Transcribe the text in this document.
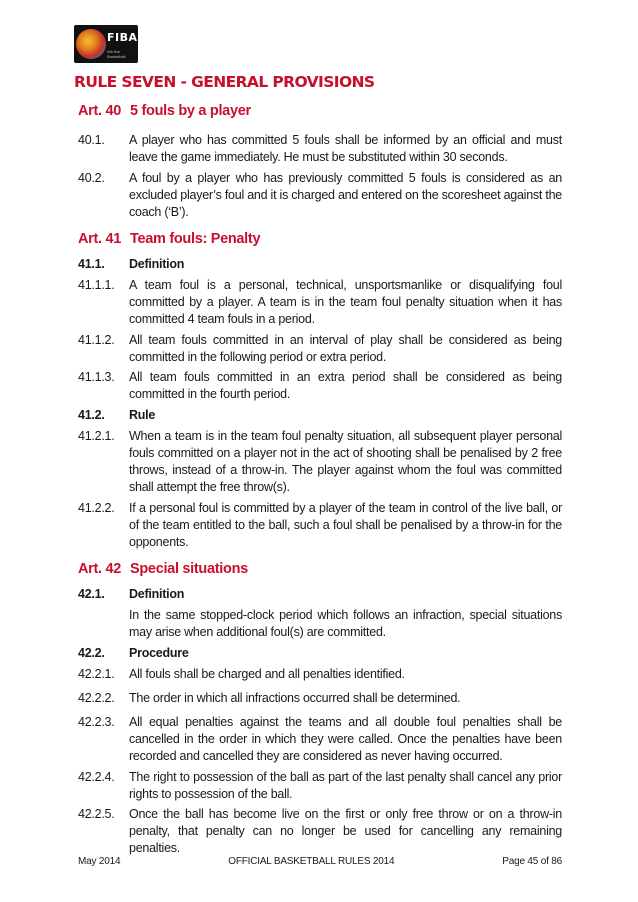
FIBA
We Are Basketball
RULE SEVEN - GENERAL PROVISIONS
Art. 40 5 fouls by a player
40.1.	A player who has committed 5 fouls shall be informed by an official and must leave the game immediately. He must be substituted within 30 seconds.
40.2.	A foul by a player who has previously committed 5 fouls is considered as an excluded player’s foul and it is charged and entered on the scoresheet against the coach (‘B’).
Art. 41 Team fouls: Penalty
41.1.	Definition
41.1.1.	A team foul is a personal, technical, unsportsmanlike or disqualifying foul committed by a player. A team is in the team foul penalty situation when it has committed 4 team fouls in a period.
41.1.2.	All team fouls committed in an interval of play shall be considered as being committed in the following period or extra period.
41.1.3.	All team fouls committed in an extra period shall be considered as being committed in the fourth period.
41.2.	Rule
41.2.1.	When a team is in the team foul penalty situation, all subsequent player personal fouls committed on a player not in the act of shooting shall be penalised by 2 free throws, instead of a throw-in. The player against whom the foul was committed shall attempt the free throw(s).
41.2.2.	If a personal foul is committed by a player of the team in control of the live ball, or of the team entitled to the ball, such a foul shall be penalised by a throw-in for the opponents.
Art. 42 Special situations
42.1.	Definition
In the same stopped-clock period which follows an infraction, special situations may arise when additional foul(s) are committed.
42.2.	Procedure
42.2.1.	All fouls shall be charged and all penalties identified.
42.2.2.	The order in which all infractions occurred shall be determined.
42.2.3.	All equal penalties against the teams and all double foul penalties shall be cancelled in the order in which they were called. Once the penalties have been recorded and cancelled they are considered as never having occurred.
42.2.4.	The right to possession of the ball as part of the last penalty shall cancel any prior rights to possession of the ball.
42.2.5.	Once the ball has become live on the first or only free throw or on a throw-in penalty, that penalty can no longer be used for cancelling any remaining penalties.
May 2014	OFFICIAL BASKETBALL RULES 2014	Page 45 of 86
